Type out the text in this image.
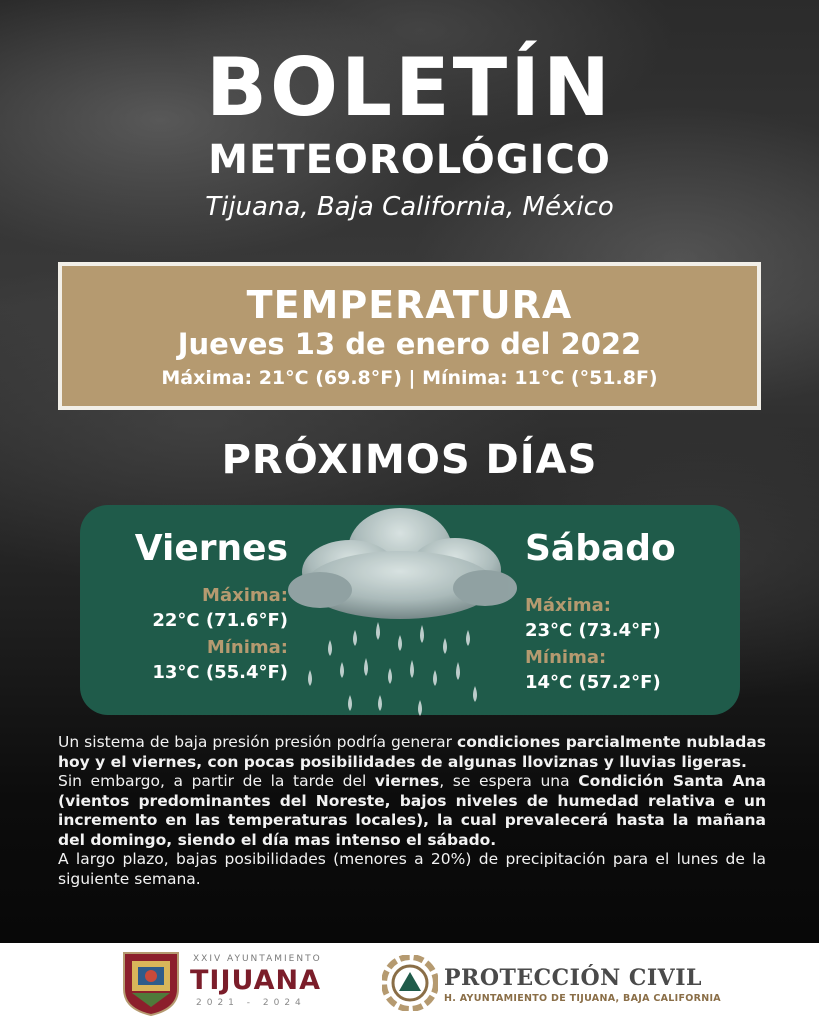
BOLETÍN
METEOROLÓGICO
Tijuana, Baja California, México
TEMPERATURA
Jueves 13 de enero del 2022
Máxima: 21°C (69.8°F) | Mínima: 11°C (°51.8F)
PRÓXIMOS DÍAS
Viernes
Máxima:
22°C (71.6°F)
Mínima:
13°C (55.4°F)
Sábado
Máxima:
23°C (73.4°F)
Mínima:
14°C (57.2°F)
Un sistema de baja presión presión podría generar condiciones parcialmente nubladas hoy y el viernes, con pocas posibilidades de algunas lloviznas y lluvias ligeras.
Sin embargo, a partir de la tarde del viernes, se espera una Condición Santa Ana (vientos predominantes del Noreste, bajos niveles de humedad relativa e un incremento en las temperaturas locales), la cual prevalecerá hasta la mañana del domingo, siendo el día mas intenso el sábado.
A largo plazo, bajas posibilidades (menores a 20%) de precipitación para el lunes de la siguiente semana.
XXIV AYUNTAMIENTO
TIJUANA
2021 - 2024
PROTECCIÓN CIVIL
H. AYUNTAMIENTO DE TIJUANA, BAJA CALIFORNIA
